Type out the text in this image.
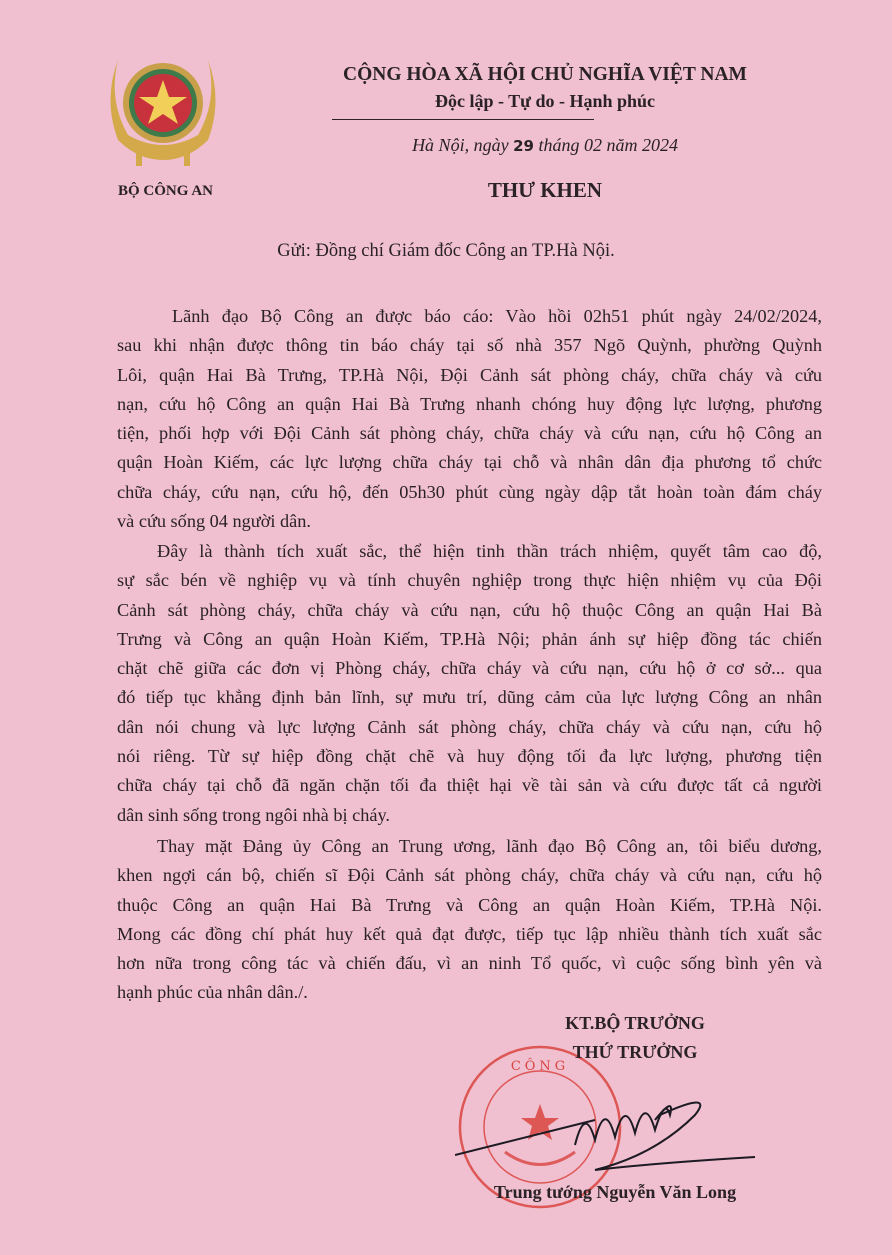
BỘ CÔNG AN
CỘNG HÒA XÃ HỘI CHỦ NGHĨA VIỆT NAM
Độc lập - Tự do - Hạnh phúc
Hà Nội, ngày 29 tháng 02 năm 2024
THƯ KHEN
Gửi: Đồng chí Giám đốc Công an TP.Hà Nội.
Lãnh đạo Bộ Công an được báo cáo: Vào hồi 02h51 phút ngày 24/02/2024,
sau khi nhận được thông tin báo cháy tại số nhà 357 Ngõ Quỳnh, phường Quỳnh
Lôi, quận Hai Bà Trưng, TP.Hà Nội, Đội Cảnh sát phòng cháy, chữa cháy và cứu
nạn, cứu hộ Công an quận Hai Bà Trưng nhanh chóng huy động lực lượng, phương
tiện, phối hợp với Đội Cảnh sát phòng cháy, chữa cháy và cứu nạn, cứu hộ Công an
quận Hoàn Kiếm, các lực lượng chữa cháy tại chỗ và nhân dân địa phương tổ chức
chữa cháy, cứu nạn, cứu hộ, đến 05h30 phút cùng ngày dập tắt hoàn toàn đám cháy
và cứu sống 04 người dân.
Đây là thành tích xuất sắc, thể hiện tinh thần trách nhiệm, quyết tâm cao độ,
sự sắc bén về nghiệp vụ và tính chuyên nghiệp trong thực hiện nhiệm vụ của Đội
Cảnh sát phòng cháy, chữa cháy và cứu nạn, cứu hộ thuộc Công an quận Hai Bà
Trưng và Công an quận Hoàn Kiếm, TP.Hà Nội; phản ánh sự hiệp đồng tác chiến
chặt chẽ giữa các đơn vị Phòng cháy, chữa cháy và cứu nạn, cứu hộ ở cơ sở... qua
đó tiếp tục khẳng định bản lĩnh, sự mưu trí, dũng cảm của lực lượng Công an nhân
dân nói chung và lực lượng Cảnh sát phòng cháy, chữa cháy và cứu nạn, cứu hộ
nói riêng. Từ sự hiệp đồng chặt chẽ và huy động tối đa lực lượng, phương tiện
chữa cháy tại chỗ đã ngăn chặn tối đa thiệt hại về tài sản và cứu được tất cả người
dân sinh sống trong ngôi nhà bị cháy.
Thay mặt Đảng ủy Công an Trung ương, lãnh đạo Bộ Công an, tôi biểu dương,
khen ngợi cán bộ, chiến sĩ Đội Cảnh sát phòng cháy, chữa cháy và cứu nạn, cứu hộ
thuộc Công an quận Hai Bà Trưng và Công an quận Hoàn Kiếm, TP.Hà Nội.
Mong các đồng chí phát huy kết quả đạt được, tiếp tục lập nhiều thành tích xuất sắc
hơn nữa trong công tác và chiến đấu, vì an ninh Tổ quốc, vì cuộc sống bình yên và
hạnh phúc của nhân dân./.
CÔNG
KT.BỘ TRƯỞNG
THỨ TRƯỞNG
Trung tướng Nguyễn Văn Long
